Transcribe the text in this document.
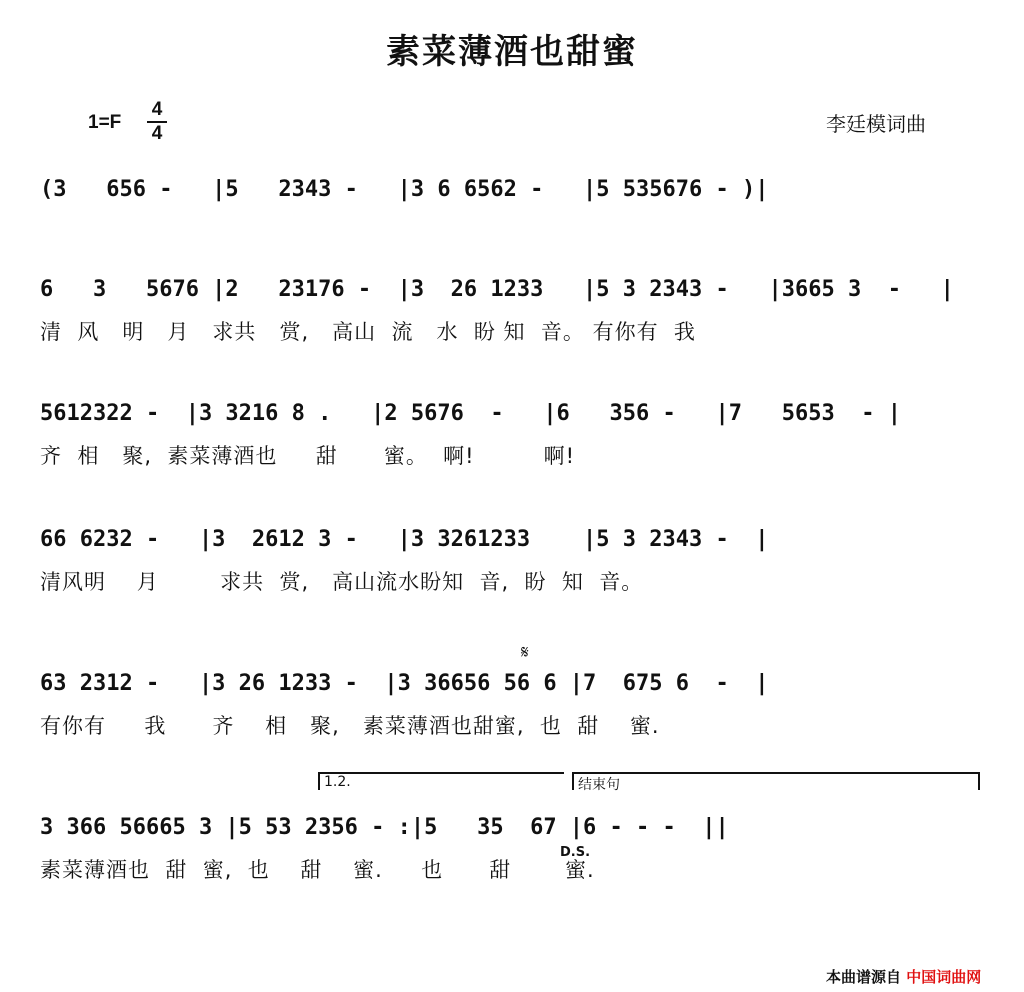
素菜薄酒也甜蜜
1=F
4
4	李廷模词曲
(3   656 -   |5   2343 -   |3 6 6562 -   |5 535676 - )|
6   3   5676 |2   23176 -  |3  26 1233   |5 3 2343 -   |3665 3  -   |
清  风   明   月   求共   赏,   高山  流   水  盼 知  音。 有你有  我
5612322 -  |3 3216 8 .   |2 5676  -   |6   356 -   |7   5653  - |
齐  相   聚,  素菜薄酒也     甜      蜜。  啊!         啊!
66 6232 -   |3  2612 3 -   |3 3261233    |5 3 2343 -  |
清风明    月        求共  赏,   高山流水盼知  音,  盼  知  音。
𝄋
63 2312 -   |3 26 1233 -  |3 36656 56 6 |7  675 6  -  |
有你有     我      齐    相   聚,   素菜薄酒也甜蜜,  也  甜    蜜.
1.2.	结束句
3 366 56665 3 |5 53 2356 - :|5   35  67 |6 - - -  ||
素菜薄酒也  甜  蜜,  也    甜    蜜.     也      甜       蜜.
D.S.
本曲谱源自 中国词曲网
